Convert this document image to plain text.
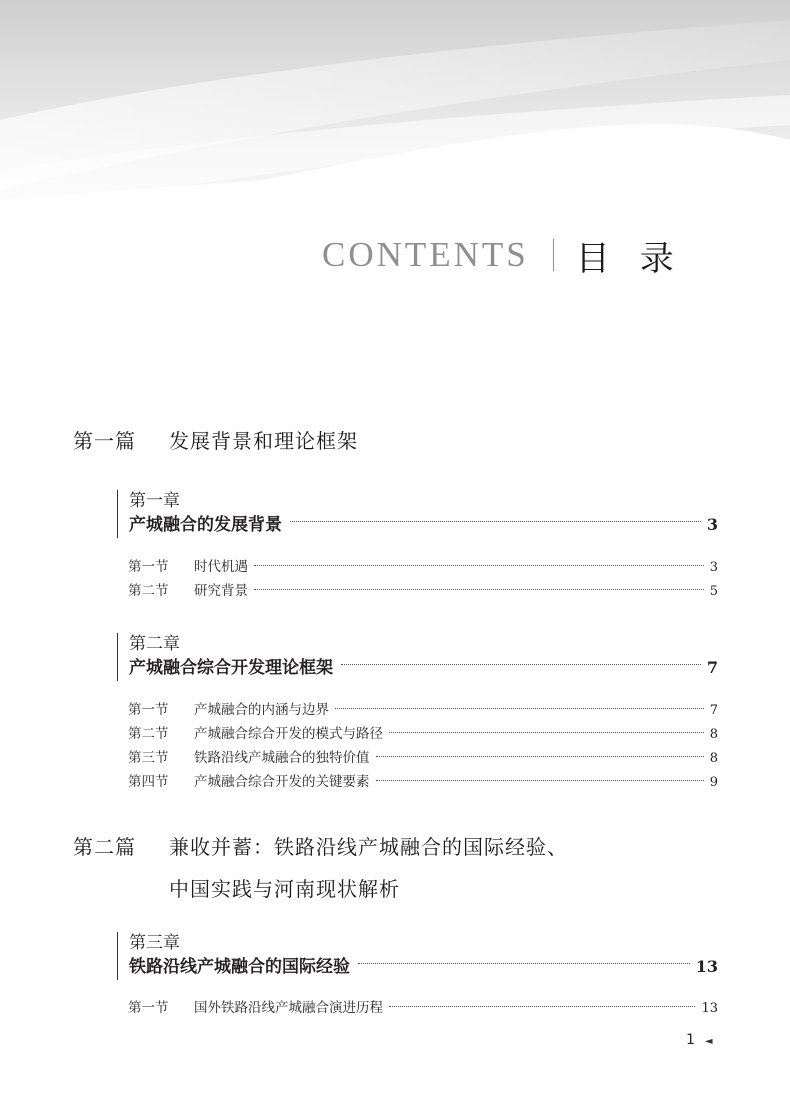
CONTENTS 目录
第一篇 发展背景和理论框架
第一章
产城融合的发展背景	3
第一节	时代机遇	3
第二节	研究背景	5
第二章
产城融合综合开发理论框架	7
第一节	产城融合的内涵与边界	7
第二节	产城融合综合开发的模式与路径	8
第三节	铁路沿线产城融合的独特价值	8
第四节	产城融合综合开发的关键要素	9
第二篇 兼收并蓄：铁路沿线产城融合的国际经验、
中国实践与河南现状解析
第三章
铁路沿线产城融合的国际经验	13
第一节	国外铁路沿线产城融合演进历程	13
1 ◄
